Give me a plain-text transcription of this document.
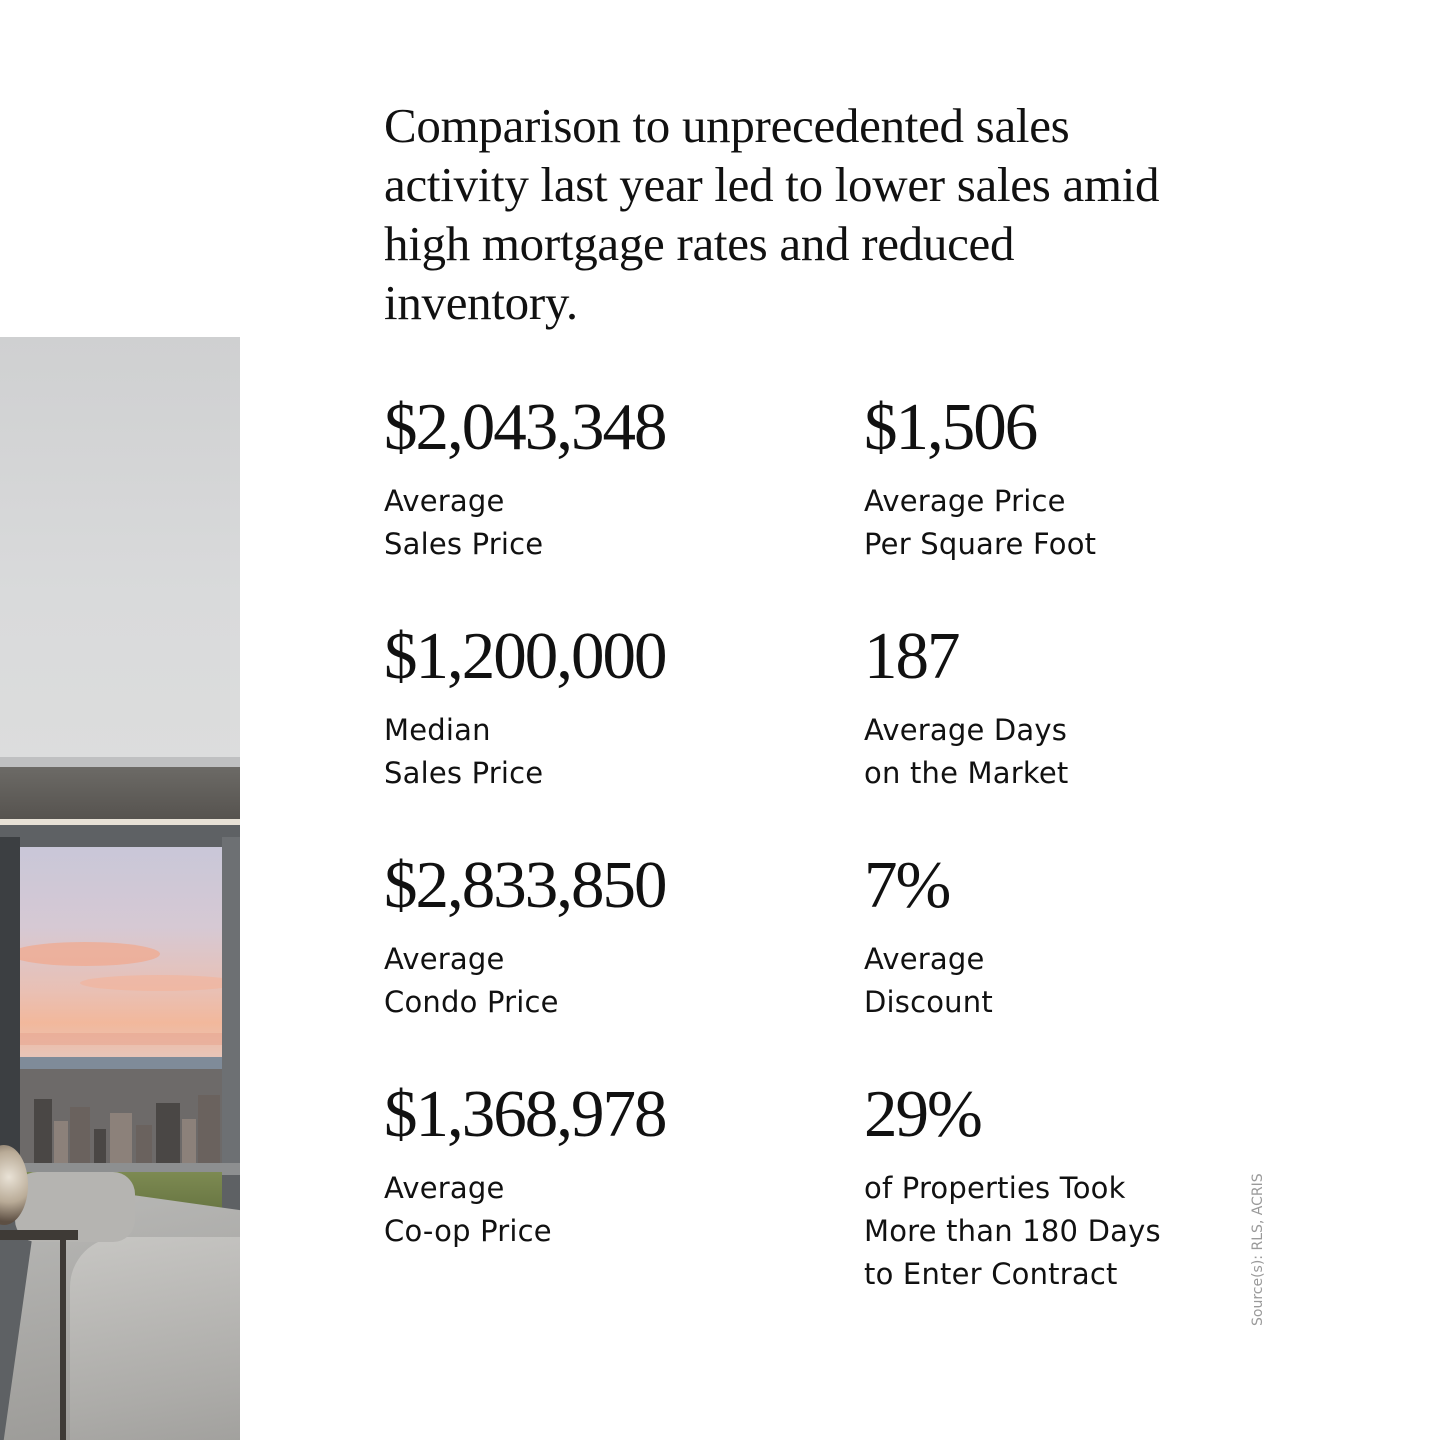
Comparison to unprecedented sales activity last year led to lower sales amid high mortgage rates and reduced inventory.

$2,043,348

Average
Sales Price

$1,506

Average Price
Per Square Foot

$1,200,000

Median
Sales Price

187

Average Days
on the Market

$2,833,850

Average
Condo Price

7%

Average
Discount

$1,368,978

Average
Co-op Price

29%

of Properties Took
More than 180 Days
to Enter Contract	Source(s): RLS, ACRIS
